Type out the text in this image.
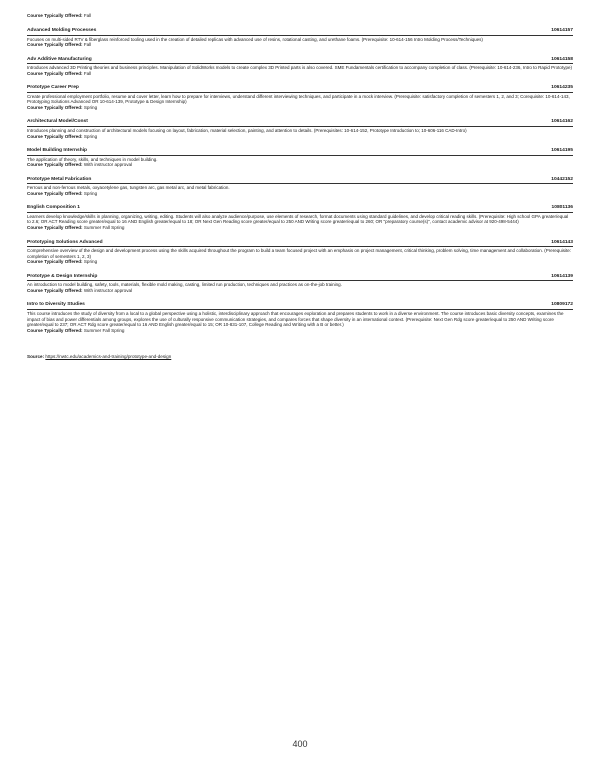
Course Typically Offered: Fall
Advanced Molding Processes	10614157
Focuses on multi-sided RTV & fiberglass reinforced tooling used in the creation of detailed replicas with advanced use of resins, rotational casting, and urethane foams. (Prerequisite: 10-614-156 Intro Molding Process/Techniques)
Course Typically Offered: Fall
Adv Additive Manufacturing	10614158
Introduces advanced 3D Printing theories and business principles. Manipulation of SolidWorks models to create complex 3D Printed parts is also covered. SME Fundamentals certification to accompany completion of class. (Prerequisite: 10-614-236, Intro to Rapid Prototype)
Course Typically Offered: Fall
Prototype Career Prep	10614235
Create professional employment portfolio, resume and cover letter, learn how to prepare for interviews, understand different interviewing techniques, and participate in a mock interview. (Prerequisite: satisfactory completion of semesters 1, 2, and 3; Corequisite: 10-614-143, Prototyping Solutions Advanced OR 10-614-139, Prototype & Design Internship)
Course Typically Offered: Spring
Architectural Model/Const	10614162
Introduces planning and construction of architectural models focusing on layout, fabrication, material selection, painting, and attention to details. (Prerequisites: 10-614-152, Prototype Introduction to; 10-606-116 CAD-Intro)
Course Typically Offered: Spring
Model Building Internship	10614195
The application of theory, skills, and techniques in model building.
Course Typically Offered: With instructor approval
Prototype Metal Fabrication	10442152
Ferrous and non-ferrous metals, oxyacetylene gas, tungsten arc, gas metal arc, and metal fabrication.
Course Typically Offered: Spring
English Composition 1	10801136
Learners develop knowledge/skills in planning, organizing, writing, editing. Students will also analyze audience/purpose, use elements of research, format documents using standard guidelines, and develop critical reading skills. (Prerequisite: High school GPA greater/equal to 2.6; OR ACT Reading score greater/equal to 16 AND English greater/equal to 18; OR Next Gen Reading score greater/equal to 250 AND Writing score greater/equal to 260; OR "preparatory course(s)", contact academic advisor at 920-498-5444)
Course Typically Offered: Summer Fall Spring
Prototyping Solutions Advanced	10614143
Comprehensive overview of the design and development process using the skills acquired throughout the program to build a team focused project with an emphasis on project management, critical thinking, problem solving, time management and collaboration. (Prerequisite: completion of semesters 1, 2, 3)
Course Typically Offered: Spring
Prototype & Design Internship	10614139
An introduction to model building, safety, tools, materials, flexible mold making, casting, limited run production, techniques and practices as on-the-job training.
Course Typically Offered: With instructor approval
Intro to Diversity Studies	10809172
This course introduces the study of diversity from a local to a global perspective using a holistic, interdisciplinary approach that encourages exploration and prepares students to work in a diverse environment. The course introduces basic diversity concepts, examines the impact of bias and power differentials among groups, explores the use of culturally responsive communication strategies, and compares forces that shape diversity in an international context. (Prerequisite: Next Gen Rdg score greater/equal to 250 AND Writing score greater/equal to 237; OR ACT Rdg score greater/equal to 16 AND English greater/equal to 15; OR 10-831-107, College Reading and Writing with a B or better.)
Course Typically Offered: Summer Fall Spring
Source: https://nwtc.edu/academics-and-training/prototype-and-design
400
